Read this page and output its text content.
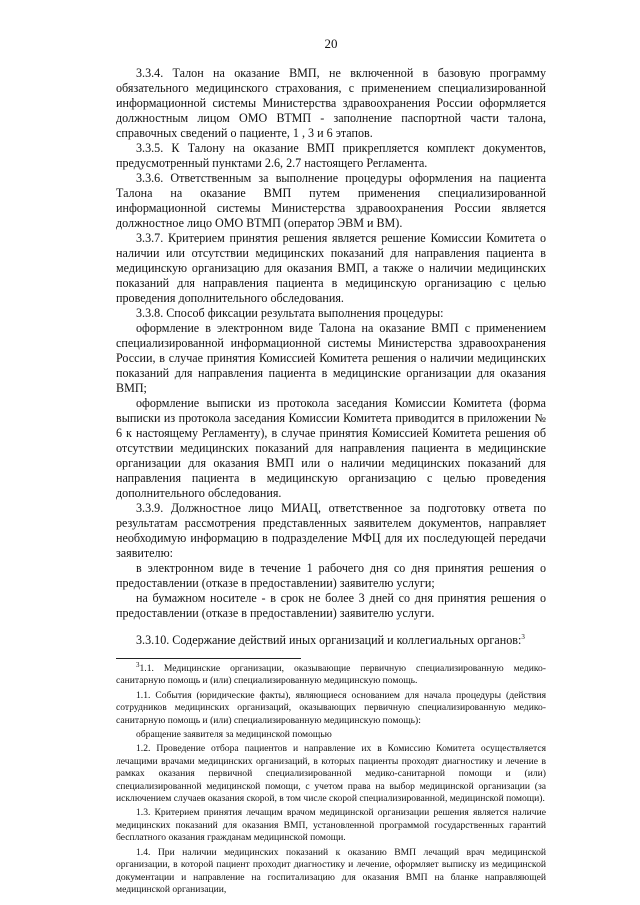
20

3.3.4. Талон на оказание ВМП, не включенной в базовую программу обязательного медицинского страхования, с применением специализированной информационной системы Министерства здравоохранения России оформляется должностным лицом ОМО ВТМП - заполнение паспортной части талона, справочных сведений о пациенте, 1 , 3 и 6 этапов.

3.3.5. К Талону на оказание ВМП прикрепляется комплект документов, предусмотренный пунктами 2.6, 2.7 настоящего Регламента.

3.3.6. Ответственным за выполнение процедуры оформления на пациента Талона на оказание ВМП путем применения специализированной информационной системы Министерства здравоохранения России является должностное лицо ОМО ВТМП (оператор ЭВМ и ВМ).

3.3.7. Критерием принятия решения является решение Комиссии Комитета о наличии или отсутствии медицинских показаний для направления пациента в медицинскую организацию для оказания ВМП, а также о наличии медицинских показаний для направления пациента в медицинскую организацию с целью проведения дополнительного обследования.

3.3.8. Способ фиксации результата выполнения процедуры:

оформление в электронном виде Талона на оказание ВМП с применением специализированной информационной системы Министерства здравоохранения России, в случае принятия Комиссией Комитета решения о наличии медицинских показаний для направления пациента в медицинские организации для оказания ВМП;

оформление выписки из протокола заседания Комиссии Комитета (форма выписки из протокола заседания Комиссии Комитета приводится в приложении № 6 к настоящему Регламенту), в случае принятия Комиссией Комитета решения об отсутствии медицинских показаний для направления пациента в медицинские организации для оказания ВМП или о наличии медицинских показаний для направления пациента в медицинскую организацию с целью проведения дополнительного обследования.

3.3.9. Должностное лицо МИАЦ, ответственное за подготовку ответа по результатам рассмотрения представленных заявителем документов, направляет необходимую информацию в подразделение МФЦ для их последующей передачи заявителю:

в электронном виде в течение 1 рабочего дня со дня принятия решения о предоставлении (отказе в предоставлении) заявителю услуги;

на бумажном носителе - в срок не более 3 дней со дня принятия решения о предоставлении (отказе в предоставлении) заявителю услуги.

3.3.10. Содержание действий иных организаций и коллегиальных органов:$^3$

$^3$1.1. Медицинские организации, оказывающие первичную специализированную медико-санитарную помощь и (или) специализированную медицинскую помощь.

1.1. События (юридические факты), являющиеся основанием для начала процедуры (действия сотрудников медицинских организаций, оказывающих первичную специализированную медико-санитарную помощь и (или) специализированную медицинскую помощь):

обращение заявителя за медицинской помощью

1.2. Проведение отбора пациентов и направление их в Комиссию Комитета осуществляется лечащими врачами медицинских организаций, в которых пациенты проходят диагностику и лечение в рамках оказания первичной специализированной медико-санитарной помощи и (или) специализированной медицинской помощи, с учетом права на выбор медицинской организации (за исключением случаев оказания скорой, в том числе скорой специализированной, медицинской помощи).

1.3. Критерием принятия лечащим врачом медицинской организации решения является наличие медицинских показаний для оказания ВМП, установленной программой государственных гарантий бесплатного оказания гражданам медицинской помощи.

1.4. При наличии медицинских показаний к оказанию ВМП лечащий врач медицинской организации, в которой пациент проходит диагностику и лечение, оформляет выписку из медицинской документации и направление на госпитализацию для оказания ВМП на бланке направляющей медицинской организации,
